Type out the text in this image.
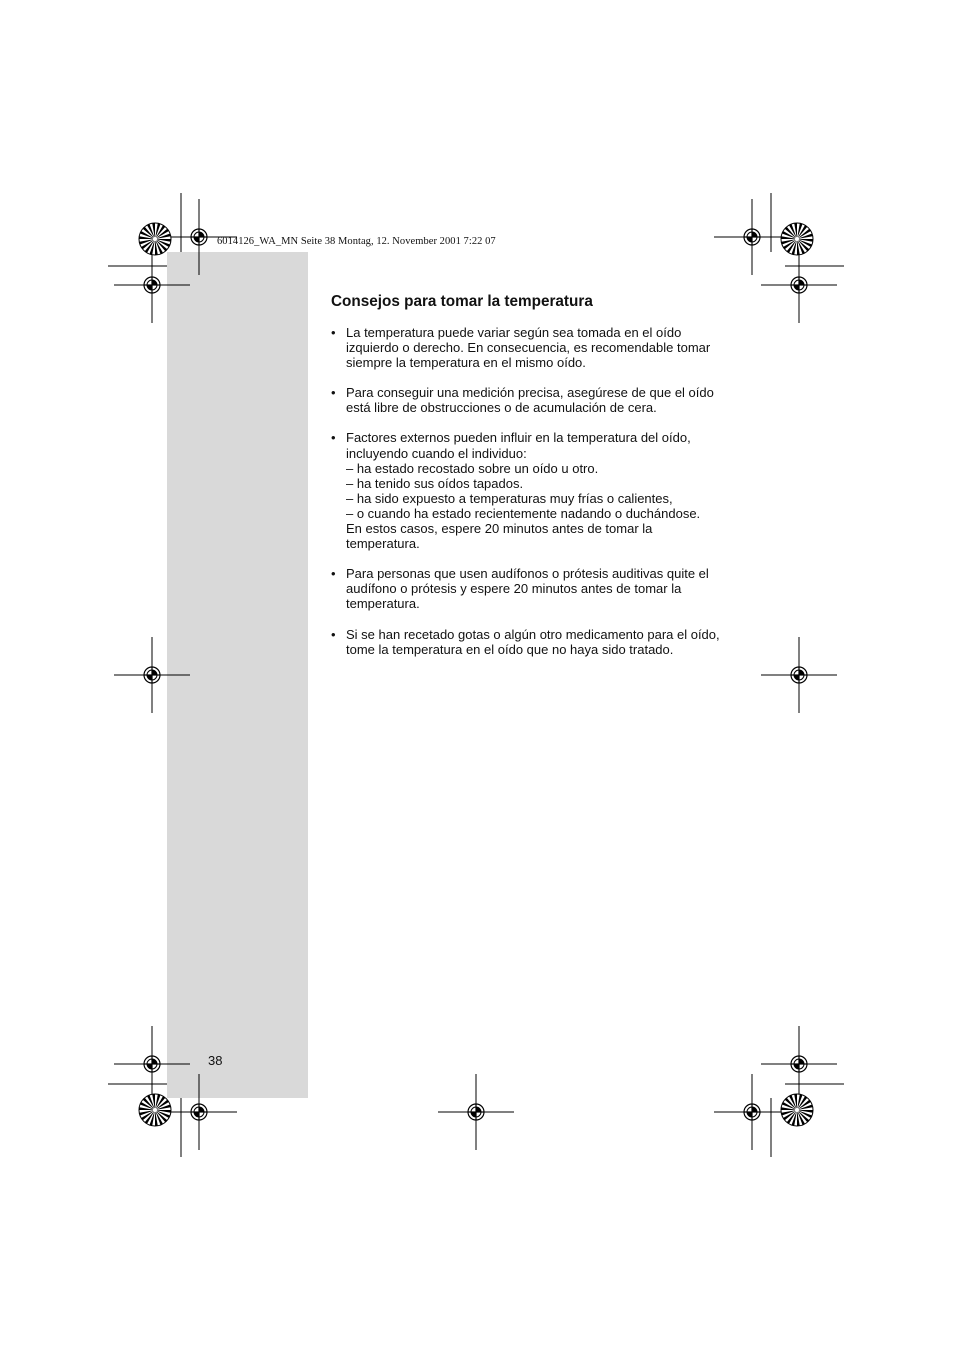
6014126_WA_MN Seite 38 Montag, 12. November 2001 7:22 07
Consejos para tomar la temperatura
• La temperatura puede variar según sea tomada en el oído
izquierdo o derecho. En consecuencia, es recomendable tomar
siempre la temperatura en el mismo oído.
• Para conseguir una medición precisa, asegúrese de que el oído
está libre de obstrucciones o de acumulación de cera.
• Factores externos pueden influir en la temperatura del oído,
incluyendo cuando el individuo:
– ha estado recostado sobre un oído u otro.
– ha tenido sus oídos tapados.
– ha sido expuesto a temperaturas muy frías o calientes,
– o cuando ha estado recientemente nadando o duchándose.
En estos casos, espere 20 minutos antes de tomar la
temperatura.
• Para personas que usen audífonos o prótesis auditivas quite el
audífono o prótesis y espere 20 minutos antes de tomar la
temperatura.
• Si se han recetado gotas o algún otro medicamento para el oído,
tome la temperatura en el oído que no haya sido tratado.
38
